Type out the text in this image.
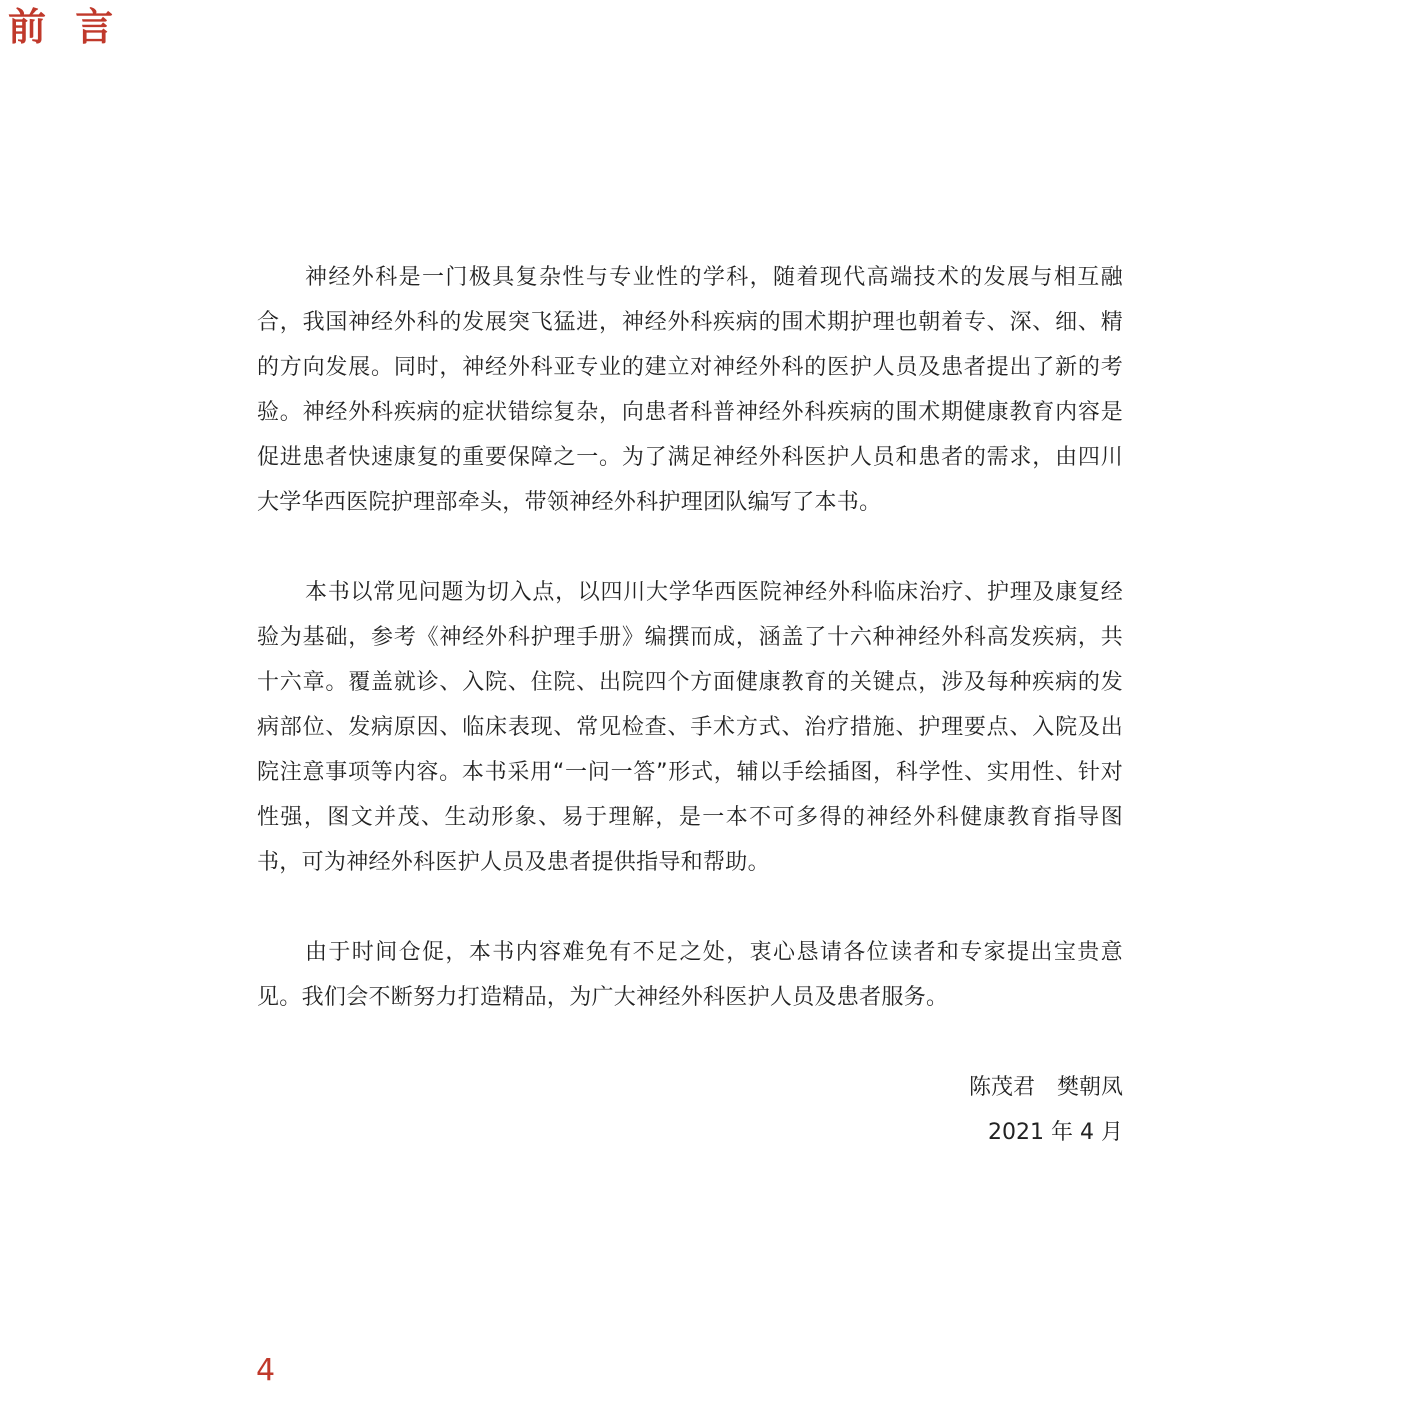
前 言

神经外科是一门极具复杂性与专业性的学科，随着现代高端技术的发展与相互融合，我国神经外科的发展突飞猛进，神经外科疾病的围术期护理也朝着专、深、细、精的方向发展。同时，神经外科亚专业的建立对神经外科的医护人员及患者提出了新的考验。神经外科疾病的症状错综复杂，向患者科普神经外科疾病的围术期健康教育内容是促进患者快速康复的重要保障之一。为了满足神经外科医护人员和患者的需求，由四川大学华西医院护理部牵头，带领神经外科护理团队编写了本书。

本书以常见问题为切入点，以四川大学华西医院神经外科临床治疗、护理及康复经验为基础，参考《神经外科护理手册》编撰而成，涵盖了十六种神经外科高发疾病，共十六章。覆盖就诊、入院、住院、出院四个方面健康教育的关键点，涉及每种疾病的发病部位、发病原因、临床表现、常见检查、手术方式、治疗措施、护理要点、入院及出院注意事项等内容。本书采用“一问一答”形式，辅以手绘插图，科学性、实用性、针对性强，图文并茂、生动形象、易于理解，是一本不可多得的神经外科健康教育指导图书，可为神经外科医护人员及患者提供指导和帮助。

由于时间仓促，本书内容难免有不足之处，衷心恳请各位读者和专家提出宝贵意见。我们会不断努力打造精品，为广大神经外科医护人员及患者服务。

陈茂君　樊朝凤
2021 年 4 月
4
